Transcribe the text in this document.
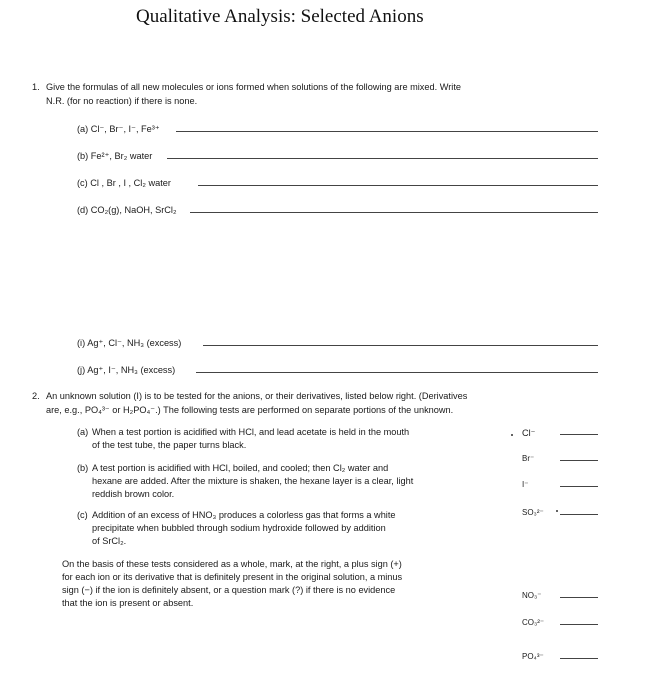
Qualitative Analysis: Selected Anions
1. Give the formulas of all new molecules or ions formed when solutions of the following are mixed. Write
N.R. (for no reaction) if there is none.
(a) Cl⁻, Br⁻, I⁻, Fe³⁺
(b) Fe²⁺, Br₂ water
(c) Cl , Br , I , Cl₂ water
(d) CO₂(g), NaOH, SrCl₂
(i) Ag⁺, Cl⁻, NH₃ (excess)
(j) Ag⁺, I⁻, NH₃ (excess)
2. An unknown solution (I) is to be tested for the anions, or their derivatives, listed below right. (Derivatives
are, e.g., PO₄³⁻ or H₂PO₄⁻.) The following tests are performed on separate portions of the unknown.
(a) When a test portion is acidified with HCl, and lead acetate is held in the mouth
of the test tube, the paper turns black.
(b) A test portion is acidified with HCl, boiled, and cooled; then Cl₂ water and
hexane are added. After the mixture is shaken, the hexane layer is a clear, light
reddish brown color.
(c) Addition of an excess of HNO₃ produces a colorless gas that forms a white
precipitate when bubbled through sodium hydroxide followed by addition
of SrCl₂.
On the basis of these tests considered as a whole, mark, at the right, a plus sign (+)
for each ion or its derivative that is definitely present in the original solution, a minus
sign (−) if the ion is definitely absent, or a question mark (?) if there is no evidence
that the ion is present or absent.
Cl⁻
Br⁻
I⁻
SO₃²⁻
NO₃⁻
CO₃²⁻
PO₄³⁻
